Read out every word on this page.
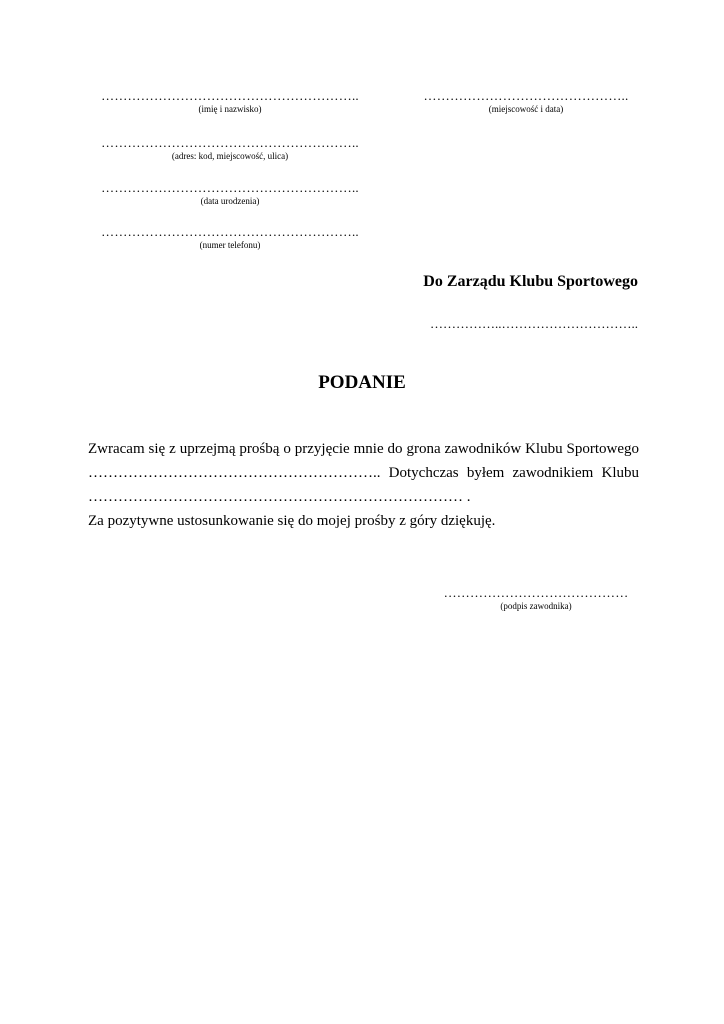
…………………………………………………..
(imię i nazwisko)
………………………………………..
(miejscowość i data)
…………………………………………………..
(adres: kod, miejscowość, ulica)
…………………………………………………..
(data urodzenia)
…………………………………………………..
(numer telefonu)
Do Zarządu Klubu Sportowego
……………..…………………………..
PODANIE
Zwracam się z uprzejmą prośbą o przyjęcie mnie do grona zawodników Klubu Sportowego
………………………………………………….. Dotychczas byłem zawodnikiem Klubu
………………………………………………………………… .
Za pozytywne ustosunkowanie się do mojej prośby z góry dziękuję.
……………………………………
(podpis zawodnika)
